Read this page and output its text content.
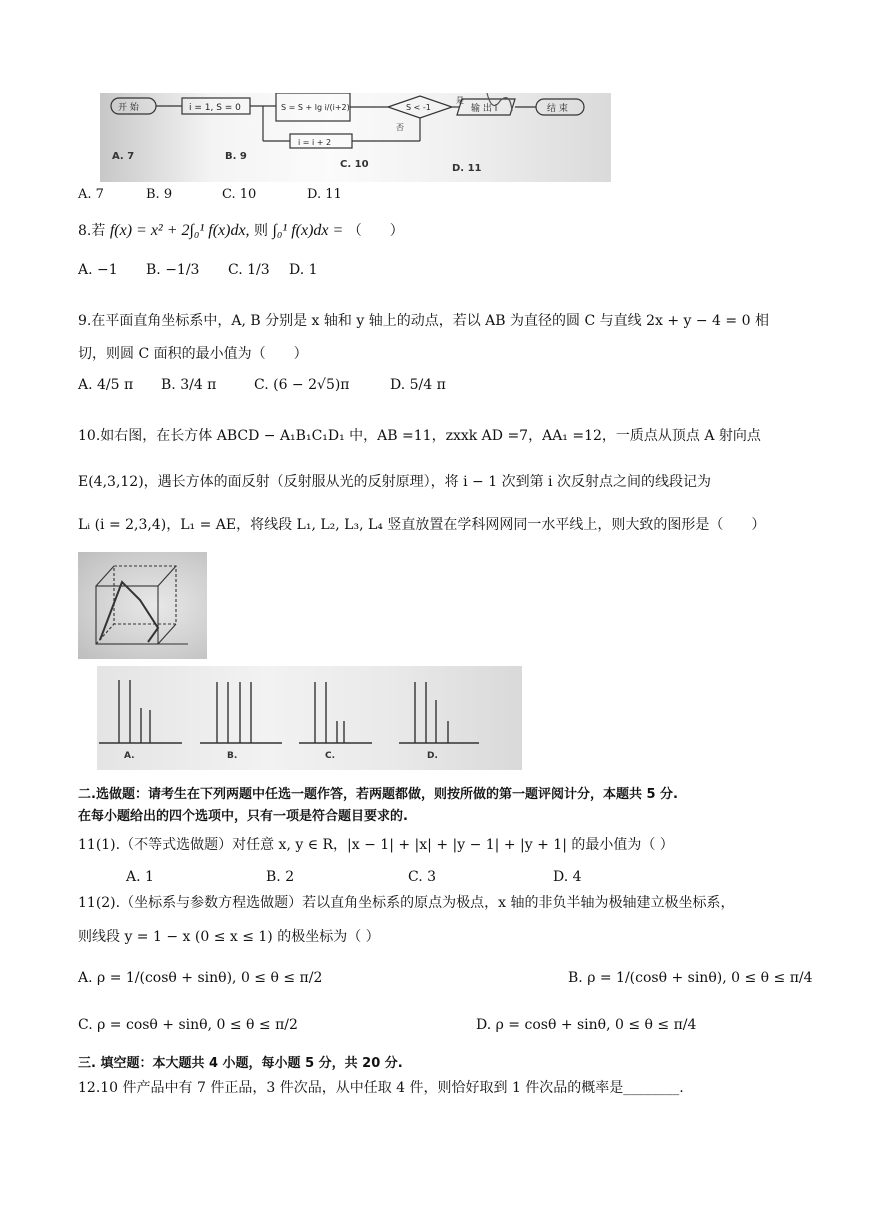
开 始	i = 1, S = 0	S = S + lg i/(i+2)	S < -1
是
否
输 出 i	结 束
i = i + 2
A. 7	B. 9
C. 10	D. 11
A. 7	B. 9	C. 10	D. 11
8.若 f(x) = x² + 2∫₀¹ f(x)dx, 则 ∫₀¹ f(x)dx = （　　）
A. −1 B. −1/3 C. 1/3 D. 1
9.在平面直角坐标系中，A, B 分别是 x 轴和 y 轴上的动点，若以 AB 为直径的圆 C 与直线 2x + y − 4 = 0 相
切，则圆 C 面积的最小值为（　　）
A. 4/5 π B. 3/4 π	C. (6 − 2√5)π	D. 5/4 π
10.如右图，在长方体 ABCD − A₁B₁C₁D₁ 中，AB =11，zxxk AD =7，AA₁ =12，一质点从顶点 A 射向点
E(4,3,12)，遇长方体的面反射（反射服从光的反射原理），将 i − 1 次到第 i 次反射点之间的线段记为
Lᵢ (i = 2,3,4)，L₁ = AE，将线段 L₁, L₂, L₃, L₄ 竖直放置在学科网网同一水平线上，则大致的图形是（　　）
A.	B.	C.	D.
二.选做题：请考生在下列两题中任选一题作答，若两题都做，则按所做的第一题评阅计分，本题共 5 分.
在每小题给出的四个选项中，只有一项是符合题目要求的.
11(1).（不等式选做题）对任意 x, y ∈ R，|x − 1| + |x| + |y − 1| + |y + 1| 的最小值为（ ）
A. 1	B. 2	C. 3	D. 4
11(2).（坐标系与参数方程选做题）若以直角坐标系的原点为极点，x 轴的非负半轴为极轴建立极坐标系，
则线段 y = 1 − x (0 ≤ x ≤ 1) 的极坐标为（ ）
A. ρ = 1/(cosθ + sinθ), 0 ≤ θ ≤ π/2	B. ρ = 1/(cosθ + sinθ), 0 ≤ θ ≤ π/4
C. ρ = cosθ + sinθ, 0 ≤ θ ≤ π/2	D. ρ = cosθ + sinθ, 0 ≤ θ ≤ π/4
三. 填空题：本大题共 4 小题，每小题 5 分，共 20 分.
12.10 件产品中有 7 件正品，3 件次品，从中任取 4 件，则恰好取到 1 件次品的概率是________.
